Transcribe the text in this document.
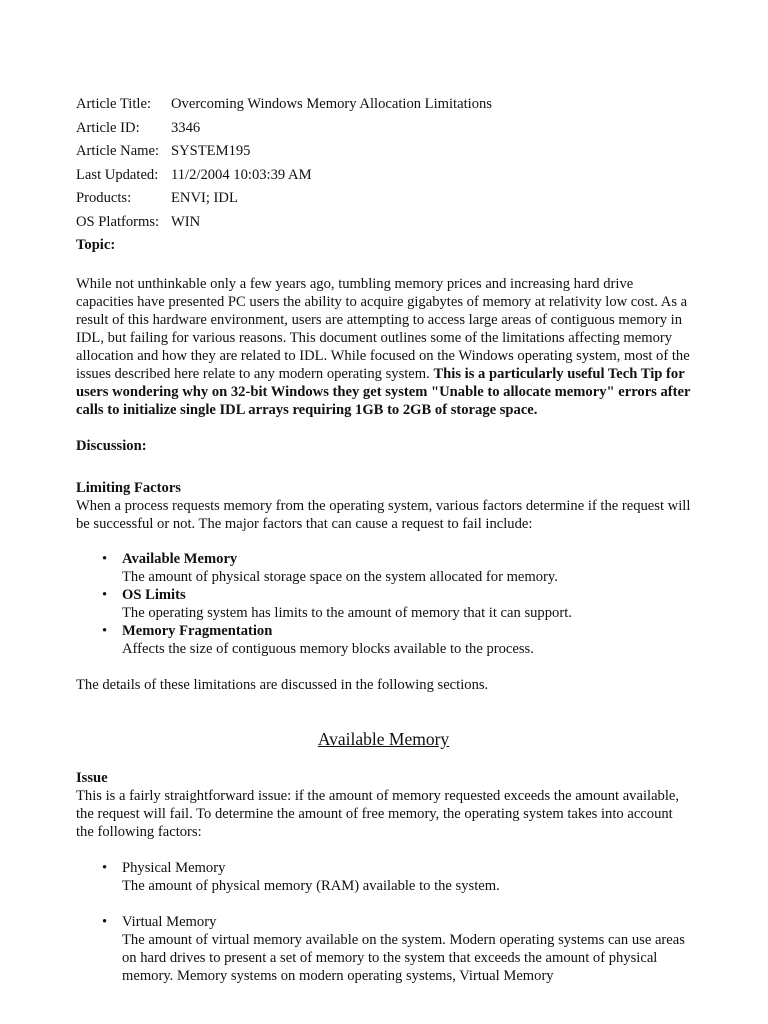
Article Title:	Overcoming Windows Memory Allocation Limitations
Article ID:	3346
Article Name:	SYSTEM195
Last Updated:	11/2/2004 10:03:39 AM
Products:	ENVI; IDL
OS Platforms:	WIN
Topic:

While not unthinkable only a few years ago, tumbling memory prices and increasing hard drive capacities have presented PC users the ability to acquire gigabytes of memory at relativity low cost. As a result of this hardware environment, users are attempting to access large areas of contiguous memory in IDL, but failing for various reasons. This document outlines some of the limitations affecting memory allocation and how they are related to IDL. While focused on the Windows operating system, most of the issues described here relate to any modern operating system. This is a particularly useful Tech Tip for users wondering why on 32-bit Windows they get system "Unable to allocate memory" errors after calls to initialize single IDL arrays requiring 1GB to 2GB of storage space.

Discussion:
Limiting Factors

When a process requests memory from the operating system, various factors determine if the request will be successful or not. The major factors that can cause a request to fail include:

• Available Memory
The amount of physical storage space on the system allocated for memory.
• OS Limits
The operating system has limits to the amount of memory that it can support.
• Memory Fragmentation
Affects the size of contiguous memory blocks available to the process.

The details of these limitations are discussed in the following sections.

Available Memory
Issue

This is a fairly straightforward issue: if the amount of memory requested exceeds the amount available, the request will fail. To determine the amount of free memory, the operating system takes into account the following factors:

• Physical Memory
The amount of physical memory (RAM) available to the system.
• Virtual Memory
The amount of virtual memory available on the system. Modern operating systems can use areas on hard drives to present a set of memory to the system that exceeds the amount of physical memory. Memory systems on modern operating systems, Virtual Memory
